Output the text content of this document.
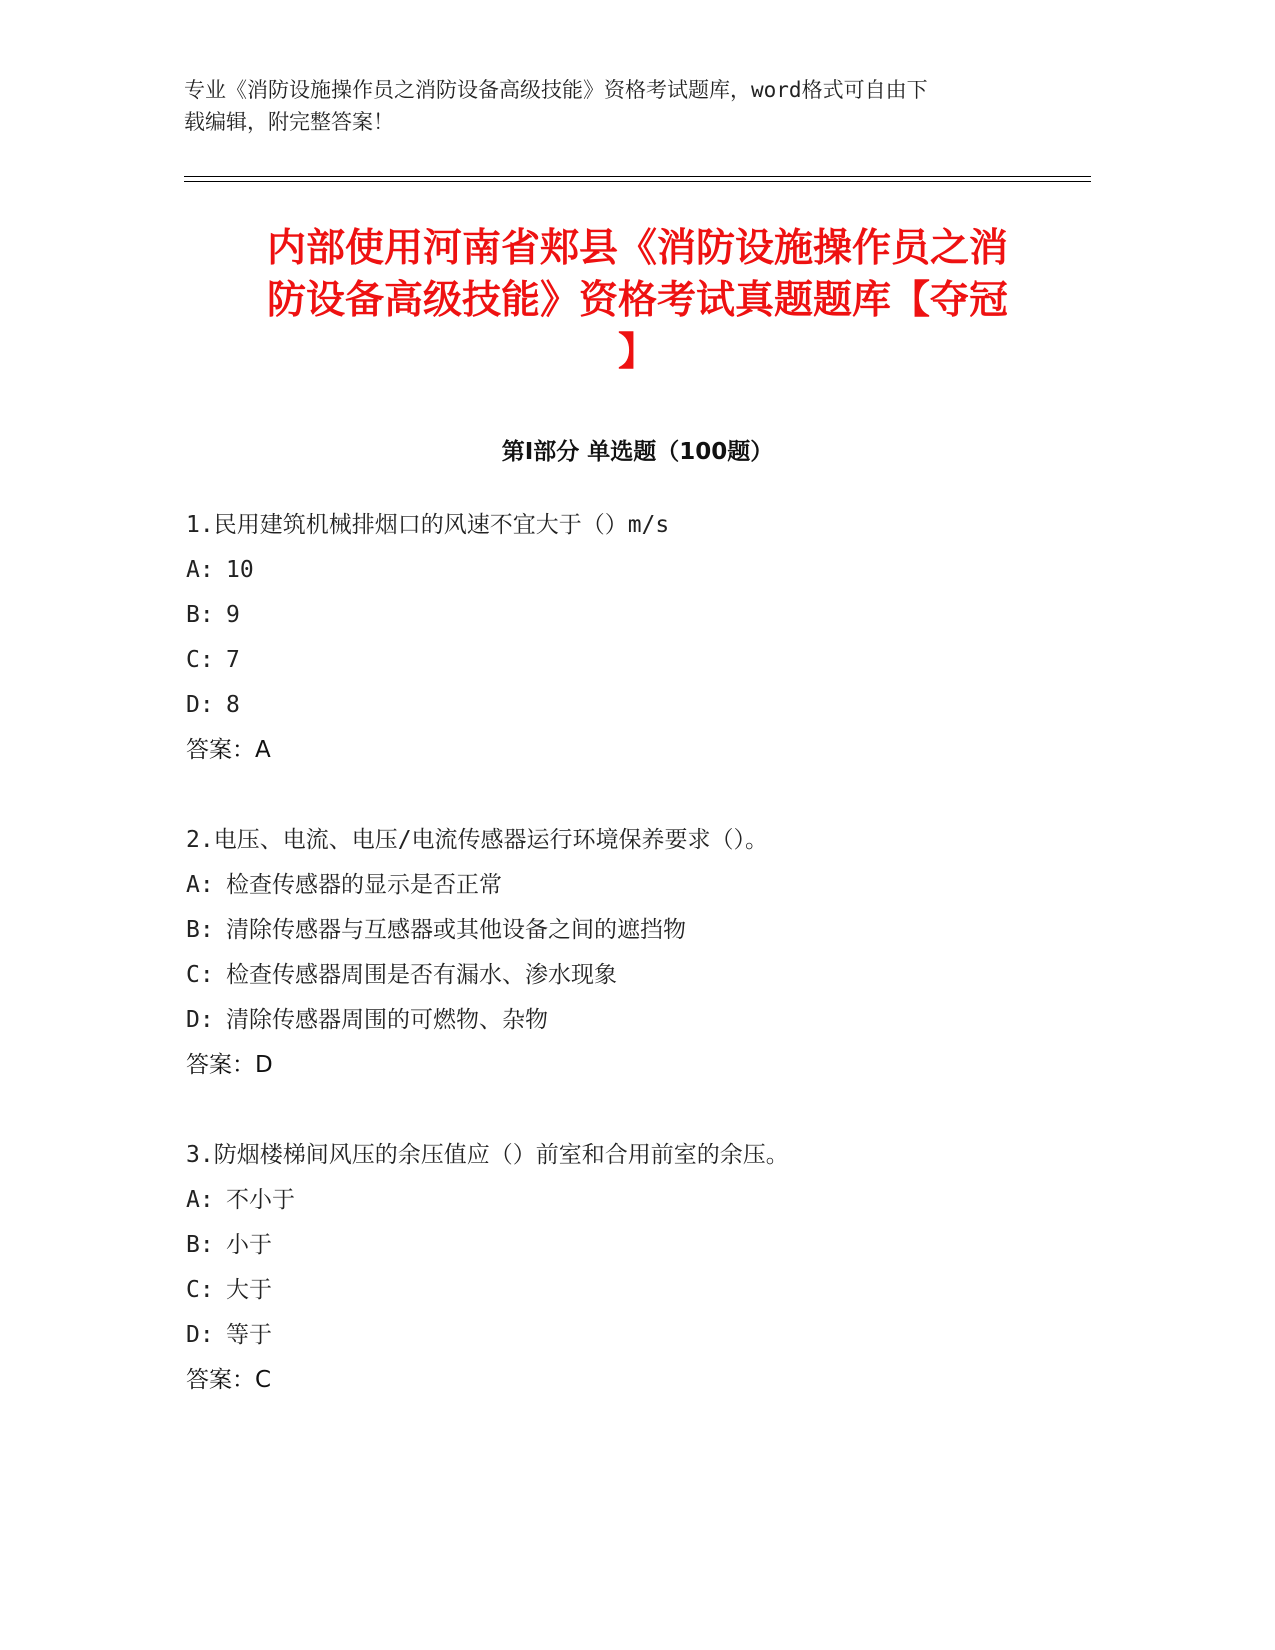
专业《消防设施操作员之消防设备高级技能》资格考试题库，word格式可自由下
载编辑，附完整答案！

内部使用河南省郏县《消防设施操作员之消
防设备高级技能》资格考试真题题库【夺冠
】
第Ⅰ部分 单选题（100题）
1.民用建筑机械排烟口的风速不宜大于（）m/s
A: 10
B: 9
C: 7
D: 8
答案：A
2.电压、电流、电压/电流传感器运行环境保养要求（）。
A: 检查传感器的显示是否正常
B: 清除传感器与互感器或其他设备之间的遮挡物
C: 检查传感器周围是否有漏水、渗水现象
D: 清除传感器周围的可燃物、杂物
答案：D
3.防烟楼梯间风压的余压值应（）前室和合用前室的余压。
A: 不小于
B: 小于
C: 大于
D: 等于
答案：C
